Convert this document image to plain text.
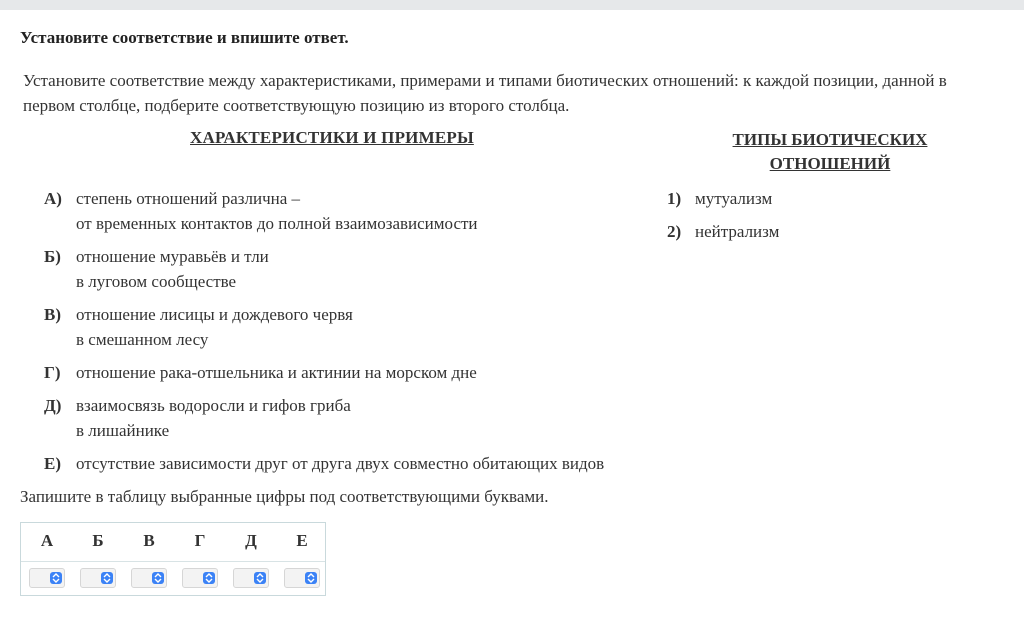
Установите соответствие и впишите ответ.
Установите соответствие между характеристиками, примерами и типами биотических отношений: к каждой позиции, данной в первом столбце, подберите соответствующую позицию из второго столбца.
ХАРАКТЕРИСТИКИ И ПРИМЕРЫ	ТИПЫ БИОТИЧЕСКИХ ОТНОШЕНИЙ
А) степень отношений различна –
от временных контактов до полной взаимозависимости
Б) отношение муравьёв и тли
в луговом сообществе
В) отношение лисицы и дождевого червя
в смешанном лесу
Г) отношение рака-отшельника и актинии на морском дне
Д) взаимосвязь водоросли и гифов гриба
в лишайнике
Е) отсутствие зависимости друг от друга двух совместно обитающих видов
1) мутуализм
2) нейтрализм
Запишите в таблицу выбранные цифры под соответствующими буквами.
А	Б	В	Г	Д	Е
